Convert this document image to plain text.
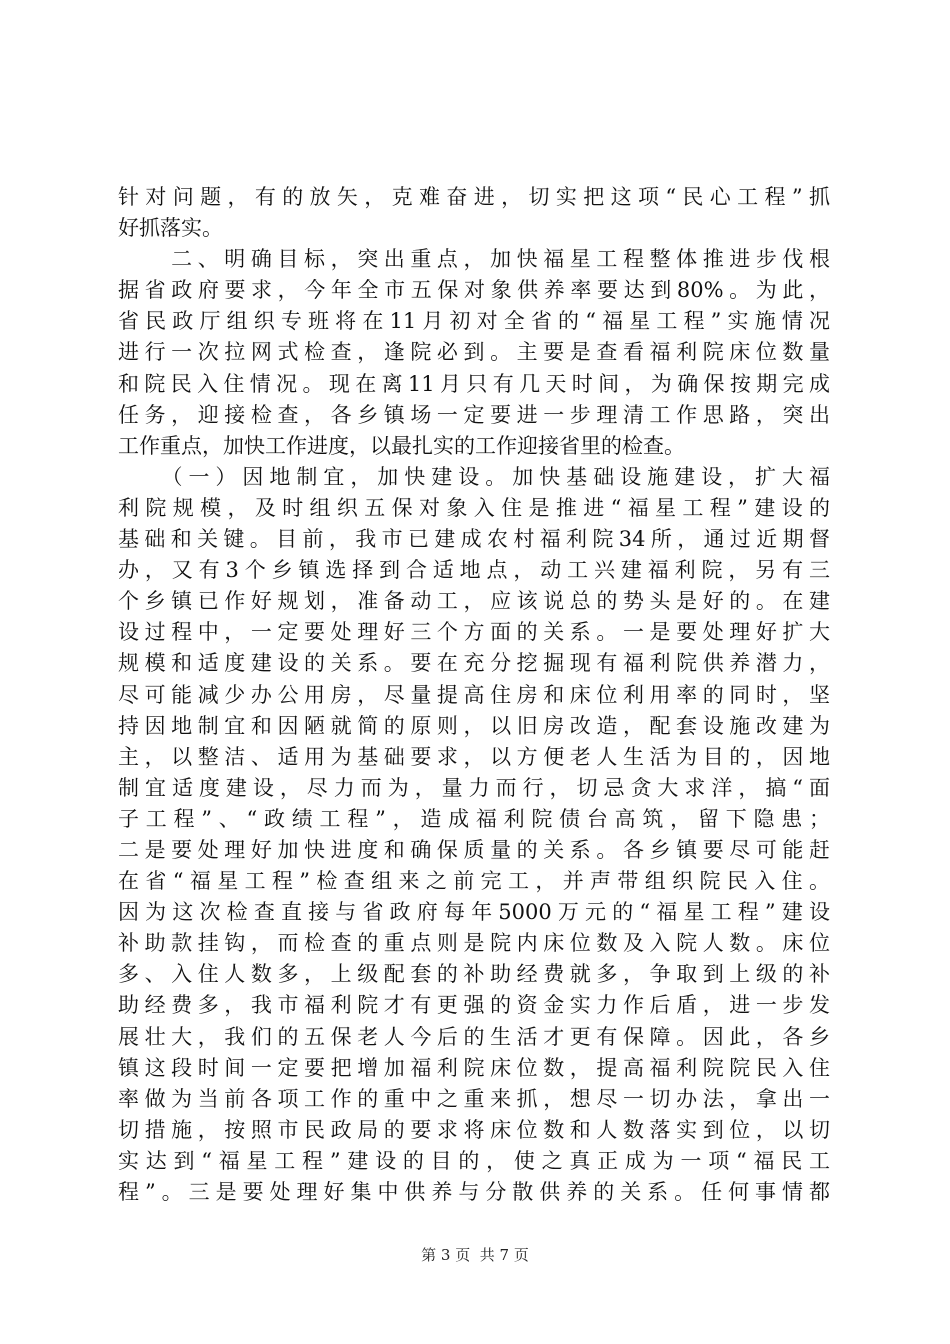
针对问题，有的放矢，克难奋进，切实把这项“民心工程”抓
好抓落实。
　　二、明确目标，突出重点，加快福星工程整体推进步伐根
据省政府要求，今年全市五保对象供养率要达到80%。为此，
省民政厅组织专班将在11月初对全省的“福星工程”实施情况
进行一次拉网式检查，逢院必到。主要是查看福利院床位数量
和院民入住情况。现在离11月只有几天时间，为确保按期完成
任务，迎接检查，各乡镇场一定要进一步理清工作思路，突出
工作重点，加快工作进度，以最扎实的工作迎接省里的检查。
　　（一）因地制宜，加快建设。加快基础设施建设，扩大福
利院规模，及时组织五保对象入住是推进“福星工程”建设的
基础和关键。目前，我市已建成农村福利院34所，通过近期督
办，又有3个乡镇选择到合适地点，动工兴建福利院，另有三
个乡镇已作好规划，准备动工，应该说总的势头是好的。在建
设过程中，一定要处理好三个方面的关系。一是要处理好扩大
规模和适度建设的关系。要在充分挖掘现有福利院供养潜力，
尽可能减少办公用房，尽量提高住房和床位利用率的同时，坚
持因地制宜和因陋就简的原则，以旧房改造，配套设施改建为
主，以整洁、适用为基础要求，以方便老人生活为目的，因地
制宜适度建设，尽力而为，量力而行，切忌贪大求洋，搞“面
子工程”、“政绩工程”，造成福利院债台高筑，留下隐患；
二是要处理好加快进度和确保质量的关系。各乡镇要尽可能赶
在省“福星工程”检查组来之前完工，并声带组织院民入住。
因为这次检查直接与省政府每年5000万元的“福星工程”建设
补助款挂钩，而检查的重点则是院内床位数及入院人数。床位
多、入住人数多，上级配套的补助经费就多，争取到上级的补
助经费多，我市福利院才有更强的资金实力作后盾，进一步发
展壮大，我们的五保老人今后的生活才更有保障。因此，各乡
镇这段时间一定要把增加福利院床位数，提高福利院院民入住
率做为当前各项工作的重中之重来抓，想尽一切办法，拿出一
切措施，按照市民政局的要求将床位数和人数落实到位，以切
实达到“福星工程”建设的目的，使之真正成为一项“福民工
程”。三是要处理好集中供养与分散供养的关系。任何事情都
第 3 页  共 7 页
